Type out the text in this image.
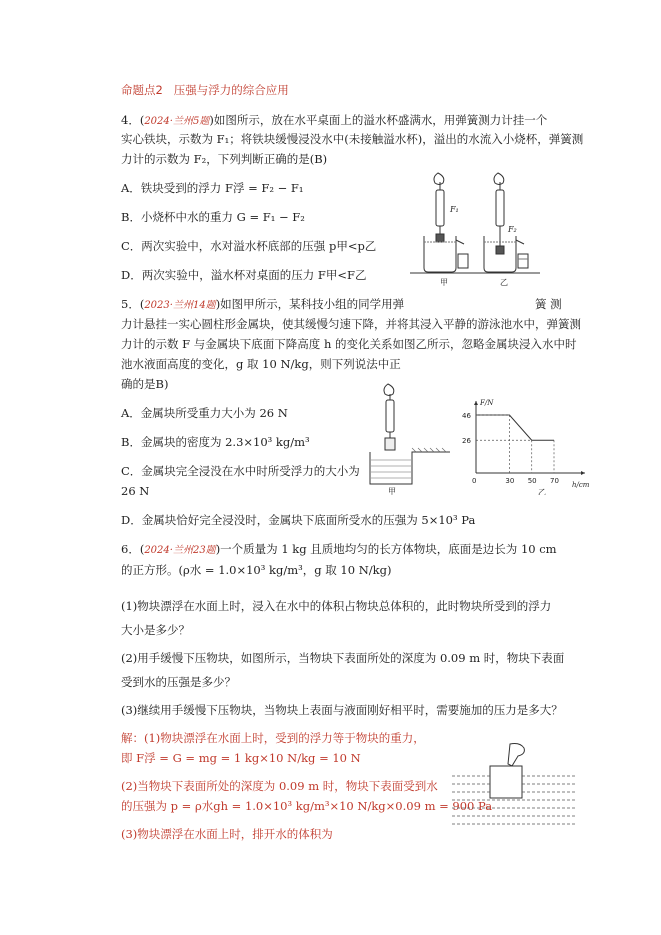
命题点2 压强与浮力的综合应用
4．(2024·兰州5题)如图所示，放在水平桌面上的溢水杯盛满水，用弹簧测力计挂一个
实心铁块，示数为 F₁；将铁块缓慢浸没水中(未接触溢水杯)，溢出的水流入小烧杯，弹簧测
力计的示数为 F₂，下列判断正确的是(B)
A．铁块受到的浮力 F浮 = F₂ − F₁
B．小烧杯中水的重力 G = F₁ − F₂
C．两次实验中，水对溢水杯底部的压强 p甲<p乙
D．两次实验中，溢水杯对桌面的压力 F甲<F乙
F₁
F₂
甲	乙
5．(2023·兰州14题)如图甲所示，某科技小组的同学用弹	簧 测
力计悬挂一实心圆柱形金属块，使其缓慢匀速下降，并将其浸入平静的游泳池水中，弹簧测
力计的示数 F 与金属块下底面下降高度 h 的变化关系如图乙所示，忽略金属块浸入水中时
池水液面高度的变化，g 取 10 N/kg，则下列说法中正
确的是B)
A．金属块所受重力大小为 26 N
B．金属块的密度为 2.3×10³ kg/m³
C．金属块完全浸没在水中时所受浮力的大小为
26 N
D．金属块恰好完全浸没时，金属块下底面所受水的压强为 5×10³ Pa
甲
F/N
h/cm
0	30 50 70
46
26
乙
6．(2024·兰州23题)一个质量为 1 kg 且质地均匀的长方体物块，底面是边长为 10 cm
的正方形。(ρ水 = 1.0×10³ kg/m³，g 取 10 N/kg)
(1)物块漂浮在水面上时，浸入在水中的体积占物块总体积的，此时物块所受到的浮力
大小是多少？
(2)用手缓慢下压物块，如图所示，当物块下表面所处的深度为 0.09 m 时，物块下表面
受到水的压强是多少？
(3)继续用手缓慢下压物块，当物块上表面与液面刚好相平时，需要施加的压力是多大？
解：(1)物块漂浮在水面上时，受到的浮力等于物块的重力，
即 F浮 = G = mg = 1 kg×10 N/kg = 10 N
(2)当物块下表面所处的深度为 0.09 m 时，物块下表面受到水
的压强为 p = ρ水gh = 1.0×10³ kg/m³×10 N/kg×0.09 m = 900 Pa
(3)物块漂浮在水面上时，排开水的体积为
